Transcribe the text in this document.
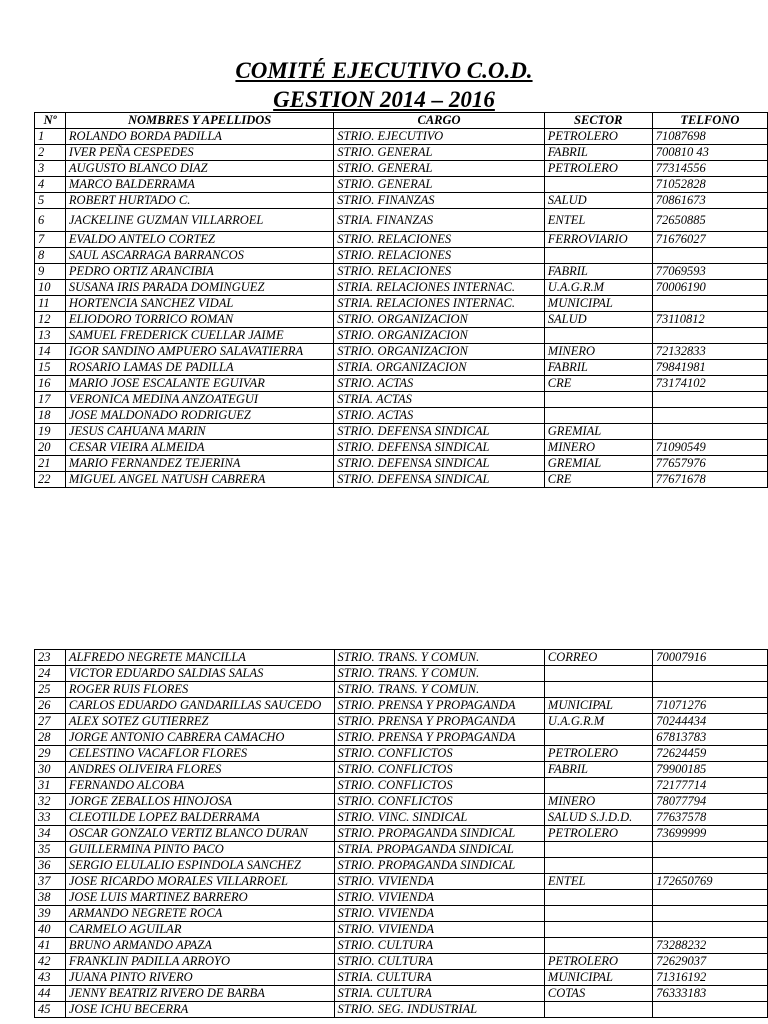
COMITÉ EJECUTIVO C.O.D.
GESTION 2014 – 2016
Nº	NOMBRES Y APELLIDOS	CARGO	SECTOR	TELFONO
1	ROLANDO BORDA PADILLA	STRIO. EJECUTIVO	PETROLERO	71087698
2	IVER PEÑA CESPEDES	STRIO. GENERAL	FABRIL	700810 43
3	AUGUSTO BLANCO DIAZ	STRIO. GENERAL	PETROLERO	77314556
4	MARCO BALDERRAMA	STRIO. GENERAL		71052828
5	ROBERT HURTADO C.	STRIO. FINANZAS	SALUD	70861673
6	JACKELINE GUZMAN VILLARROEL	STRIA. FINANZAS	ENTEL	72650885
7	EVALDO ANTELO CORTEZ	STRIO. RELACIONES	FERROVIARIO	71676027
8	SAUL ASCARRAGA BARRANCOS	STRIO. RELACIONES		
9	PEDRO ORTIZ ARANCIBIA	STRIO. RELACIONES	FABRIL	77069593
10	SUSANA IRIS PARADA DOMINGUEZ	STRIA. RELACIONES INTERNAC.	U.A.G.R.M	70006190
11	HORTENCIA SANCHEZ VIDAL	STRIA. RELACIONES INTERNAC.	MUNICIPAL	
12	ELIODORO TORRICO ROMAN	STRIO. ORGANIZACION	SALUD	73110812
13	SAMUEL FREDERICK CUELLAR JAIME	STRIO. ORGANIZACION		
14	IGOR SANDINO AMPUERO SALAVATIERRA	STRIO. ORGANIZACION	MINERO	72132833
15	ROSARIO LAMAS DE PADILLA	STRIA. ORGANIZACION	FABRIL	79841981
16	MARIO JOSE ESCALANTE EGUIVAR	STRIO. ACTAS	CRE	73174102
17	VERONICA MEDINA ANZOATEGUI	STRIA. ACTAS		
18	JOSE MALDONADO RODRIGUEZ	STRIO. ACTAS		
19	JESUS CAHUANA MARIN	STRIO. DEFENSA SINDICAL	GREMIAL	
20	CESAR VIEIRA ALMEIDA	STRIO. DEFENSA SINDICAL	MINERO	71090549
21	MARIO FERNANDEZ TEJERINA	STRIO. DEFENSA SINDICAL	GREMIAL	77657976
22	MIGUEL ANGEL NATUSH CABRERA	STRIO. DEFENSA SINDICAL	CRE	77671678
23	ALFREDO NEGRETE MANCILLA	STRIO. TRANS. Y COMUN.	CORREO	70007916
24	VICTOR EDUARDO SALDIAS SALAS	STRIO. TRANS. Y COMUN.		
25	ROGER RUIS FLORES	STRIO. TRANS. Y COMUN.		
26	CARLOS EDUARDO GANDARILLAS SAUCEDO	STRIO. PRENSA Y PROPAGANDA	MUNICIPAL	71071276
27	ALEX SOTEZ GUTIERREZ	STRIO. PRENSA Y PROPAGANDA	U.A.G.R.M	70244434
28	JORGE ANTONIO CABRERA CAMACHO	STRIO. PRENSA Y PROPAGANDA		67813783
29	CELESTINO VACAFLOR FLORES	STRIO. CONFLICTOS	PETROLERO	72624459
30	ANDRES OLIVEIRA FLORES	STRIO. CONFLICTOS	FABRIL	79900185
31	FERNANDO ALCOBA	STRIO. CONFLICTOS		72177714
32	JORGE ZEBALLOS HINOJOSA	STRIO. CONFLICTOS	MINERO	78077794
33	CLEOTILDE LOPEZ BALDERRAMA	STRIO. VINC. SINDICAL	SALUD S.J.D.D.	77637578
34	OSCAR GONZALO VERTIZ BLANCO DURAN	STRIO. PROPAGANDA SINDICAL	PETROLERO	73699999
35	GUILLERMINA PINTO PACO	STRIA. PROPAGANDA SINDICAL		
36	SERGIO ELULALIO ESPINDOLA SANCHEZ	STRIO. PROPAGANDA SINDICAL		
37	JOSE RICARDO MORALES VILLARROEL	STRIO. VIVIENDA	ENTEL	172650769
38	JOSE LUIS MARTINEZ BARRERO	STRIO. VIVIENDA		
39	ARMANDO NEGRETE ROCA	STRIO. VIVIENDA		
40	CARMELO AGUILAR	STRIO. VIVIENDA		
41	BRUNO ARMANDO APAZA	STRIO. CULTURA		73288232
42	FRANKLIN PADILLA ARROYO	STRIO. CULTURA	PETROLERO	72629037
43	JUANA PINTO RIVERO	STRIA. CULTURA	MUNICIPAL	71316192
44	JENNY BEATRIZ RIVERO DE BARBA	STRIA. CULTURA	COTAS	76333183
45	JOSE ICHU BECERRA	STRIO. SEG. INDUSTRIAL		
